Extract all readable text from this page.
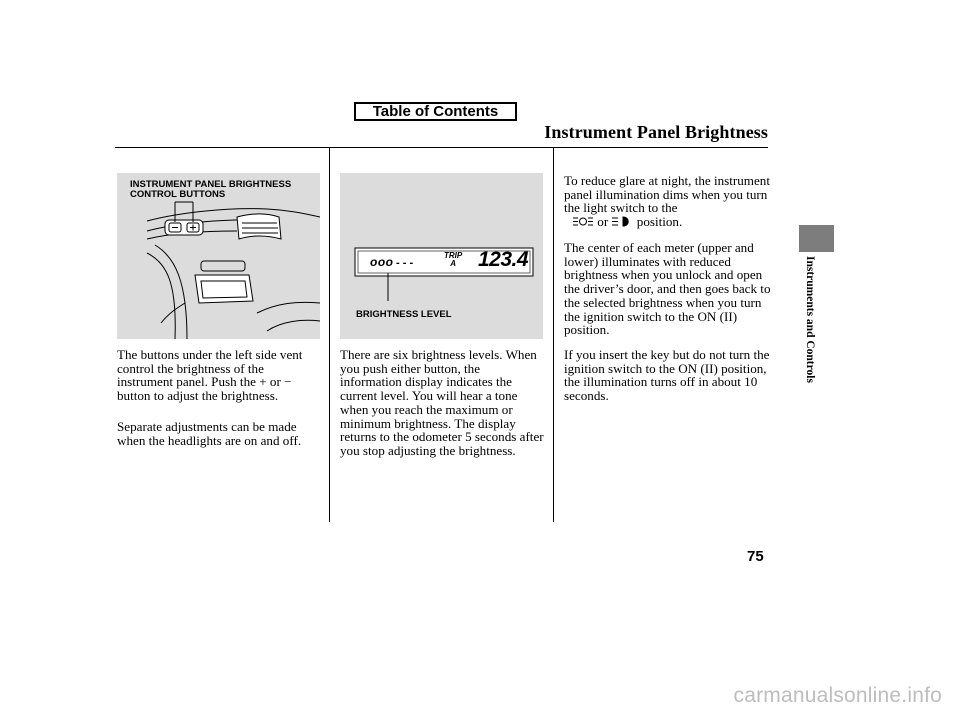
Table of Contents
Instrument Panel Brightness
Instruments and Controls
INSTRUMENT PANEL BRIGHTNESS
CONTROL BUTTONS
ooo - - -
TRIP
A 123.4
BRIGHTNESS LEVEL

The buttons under the left side vent control the brightness of the instrument panel. Push the + or − button to adjust the brightness.

Separate adjustments can be made when the headlights are on and off.

There are six brightness levels. When you push either button, the information display indicates the current level. You will hear a tone when you reach the maximum or minimum brightness. The display returns to the odometer 5 seconds after you stop adjusting the brightness.

To reduce glare at night, the instrument panel illumination dims when you turn the light switch to the
or position.

The center of each meter (upper and lower) illuminates with reduced brightness when you unlock and open the driver’s door, and then goes back to the selected brightness when you turn the ignition switch to the ON (II) position.

If you insert the key but do not turn the ignition switch to the ON (II) position, the illumination turns off in about 10 seconds.

75
carmanualsonline.info
